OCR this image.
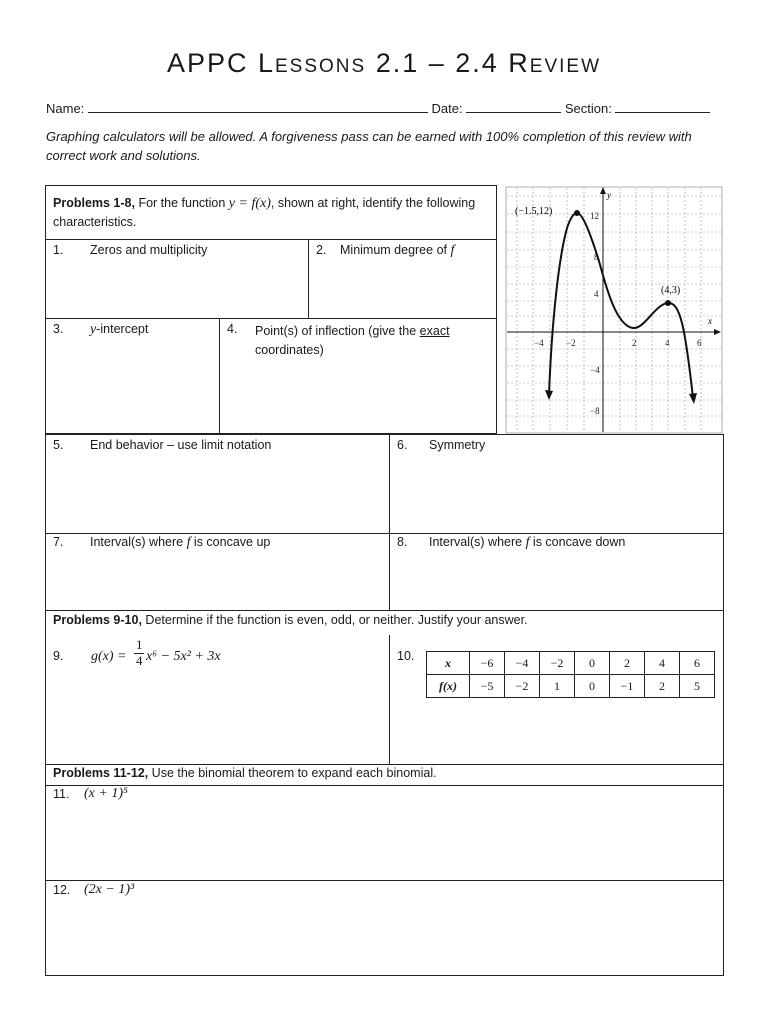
APPC Lessons 2.1 – 2.4 Review
Name:	Date:	Section:
Graphing calculators will be allowed. A forgiveness pass can be earned with 100% completion of this review with correct work and solutions.
Problems 1-8, For the function y = f(x), shown at right, identify the following characteristics.
1. Zeros and multiplicity	2. Minimum degree of f
3. y-intercept	4. Point(s) of inflection (give the exact coordinates)
y
x
−4 −2	2	4	6
12
8
4
−4
−8
(−1.5,12)
(4,3)
5. End behavior – use limit notation	6. Symmetry
7. Interval(s) where f is concave up	8. Interval(s) where f is concave down
Problems 9-10, Determine if the function is even, odd, or neither. Justify your answer.
9. g(x) =
1
4 x⁶ − 5x² + 3x	10.	x	−6	−4	−2	0	2	4	6
f(x)	−5	−2	1	0	−1	2	5
Problems 11-12, Use the binomial theorem to expand each binomial.
11. (x + 1)⁵
12. (2x − 1)³
